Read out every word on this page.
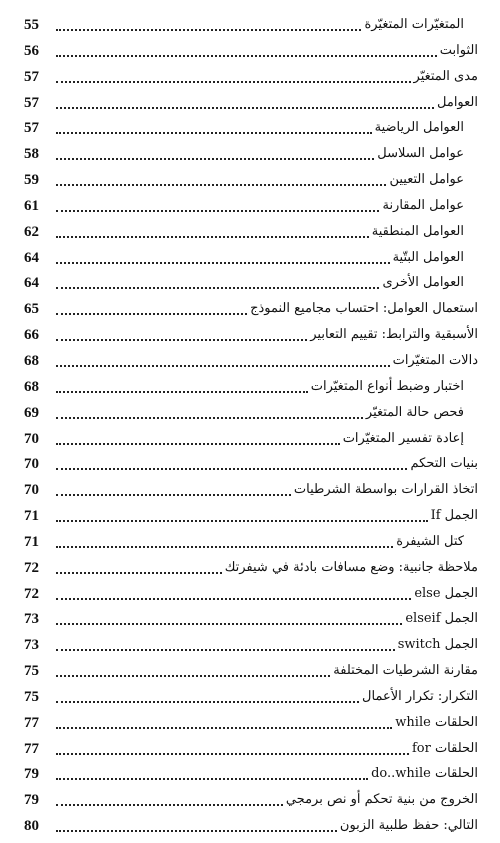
55	المتغيّرات المتغيّرة
56	الثوابت
57	مدى المتغيّر
57	العوامل
57	العوامل الرياضية
58	عوامل السلاسل
59	عوامل التعيين
61	عوامل المقارنة
62	العوامل المنطقية
64	العوامل البتّية
64	العوامل الأخرى
65	استعمال العوامل: احتساب مجاميع النموذج
66	الأسبقية والترابط: تقييم التعابير
68	دالات المتغيّرات
68	اختبار وضبط أنواع المتغيّرات
69	فحص حالة المتغيّر
70	إعادة تفسير المتغيّرات
70	بنيات التحكم
70	اتخاذ القرارات بواسطة الشرطيات
71	الجمل If
71	كتل الشيفرة
72	ملاحظة جانبية: وضع مسافات بادئة في شيفرتك
72	الجمل else
73	الجمل elseif
73	الجمل switch
75	مقارنة الشرطيات المختلفة
75	التكرار: تكرار الأعمال
77	الحلقات while
77	الحلقات for
79	الحلقات do..while
79	الخروج من بنية تحكم أو نص برمجي
80	التالي: حفظ طلبية الزبون
